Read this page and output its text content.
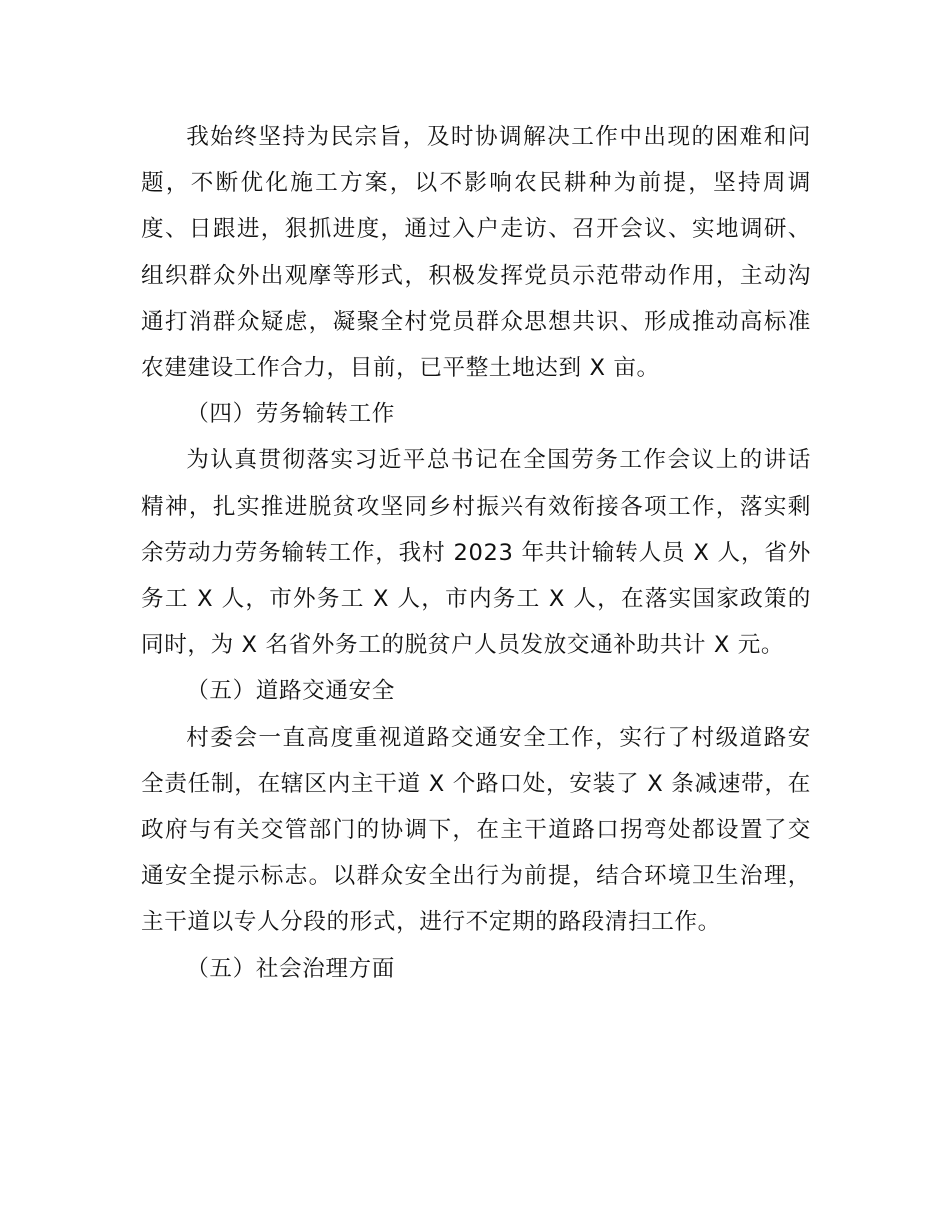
我始终坚持为民宗旨，及时协调解决工作中出现的困难和问题，不断优化施工方案，以不影响农民耕种为前提，坚持周调度、日跟进，狠抓进度，通过入户走访、召开会议、实地调研、组织群众外出观摩等形式，积极发挥党员示范带动作用，主动沟通打消群众疑虑，凝聚全村党员群众思想共识、形成推动高标准农建建设工作合力，目前，已平整土地达到 X 亩。

（四）劳务输转工作

为认真贯彻落实习近平总书记在全国劳务工作会议上的讲话精神，扎实推进脱贫攻坚同乡村振兴有效衔接各项工作，落实剩余劳动力劳务输转工作，我村 2023 年共计输转人员 X 人，省外务工 X 人，市外务工 X 人，市内务工 X 人，在落实国家政策的同时，为 X 名省外务工的脱贫户人员发放交通补助共计 X 元。

（五）道路交通安全

村委会一直高度重视道路交通安全工作，实行了村级道路安全责任制，在辖区内主干道 X 个路口处，安装了 X 条减速带，在政府与有关交管部门的协调下，在主干道路口拐弯处都设置了交通安全提示标志。以群众安全出行为前提，结合环境卫生治理，主干道以专人分段的形式，进行不定期的路段清扫工作。

（五）社会治理方面
